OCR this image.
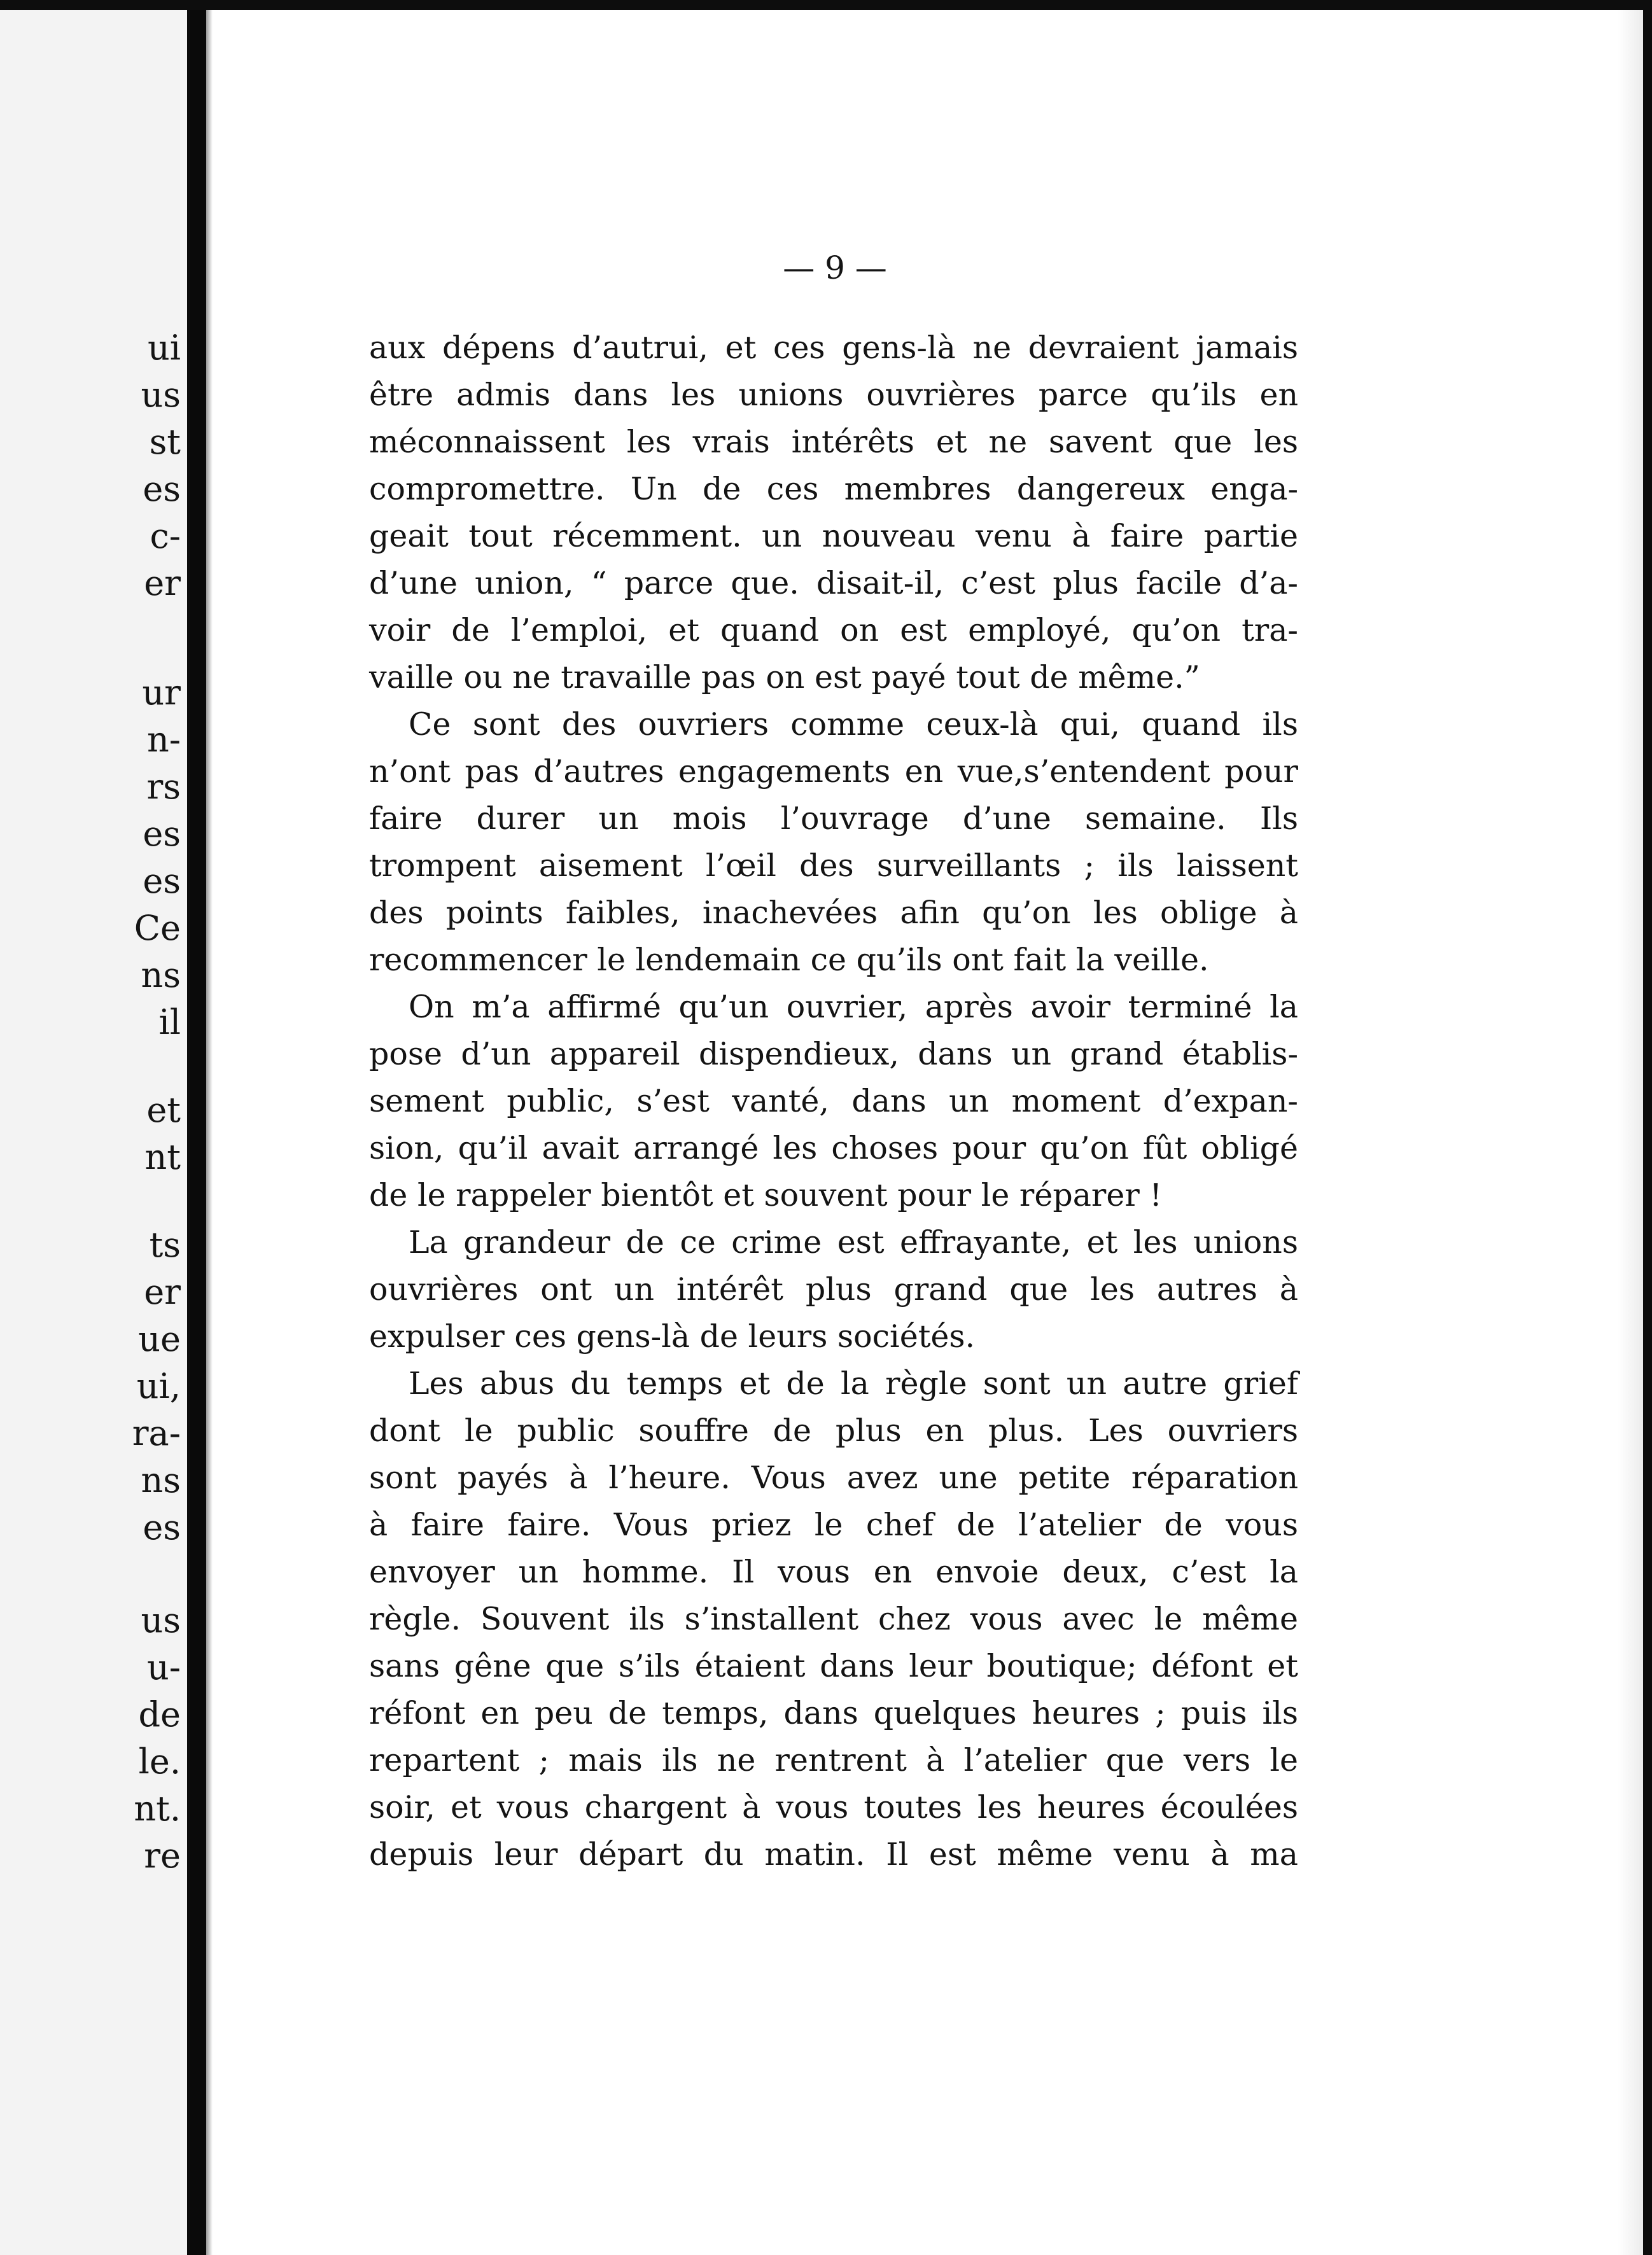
ui
us
st
es
c-
er
ur
n-
rs
es
es
Ce
ns
il
et
nt
ts
er
ue
ui,
ra-
ns
es
us
u-
de
le.
nt.
re
— 9 —
aux dépens d’autrui, et ces gens-là ne devraient jamais
être admis dans les unions ouvrières parce qu’ils en
méconnaissent les vrais intérêts et ne savent que les
compromettre. Un de ces membres dangereux enga-
geait tout récemment. un nouveau venu à faire partie
d’une union, “ parce que. disait-il, c’est plus facile d’a-
voir de l’emploi, et quand on est employé, qu’on tra-
vaille ou ne travaille pas on est payé tout de même.”
Ce sont des ouvriers comme ceux-là qui, quand ils
n’ont pas d’autres engagements en vue,s’entendent pour
faire durer un mois l’ouvrage d’une semaine. Ils
trompent aisement l’œil des surveillants ; ils laissent
des points faibles, inachevées afin qu’on les oblige à
recommencer le lendemain ce qu’ils ont fait la veille.
On m’a affirmé qu’un ouvrier, après avoir terminé la
pose d’un appareil dispendieux, dans un grand établis-
sement public, s’est vanté, dans un moment d’expan-
sion, qu’il avait arrangé les choses pour qu’on fût obligé
de le rappeler bientôt et souvent pour le réparer !
La grandeur de ce crime est effrayante, et les unions
ouvrières ont un intérêt plus grand que les autres à
expulser ces gens-là de leurs sociétés.
Les abus du temps et de la règle sont un autre grief
dont le public souffre de plus en plus. Les ouvriers
sont payés à l’heure. Vous avez une petite réparation
à faire faire. Vous priez le chef de l’atelier de vous
envoyer un homme. Il vous en envoie deux, c’est la
règle. Souvent ils s’installent chez vous avec le même
sans gêne que s’ils étaient dans leur boutique; défont et
réfont en peu de temps, dans quelques heures ; puis ils
repartent ; mais ils ne rentrent à l’atelier que vers le
soir, et vous chargent à vous toutes les heures écoulées
depuis leur départ du matin. Il est même venu à ma
